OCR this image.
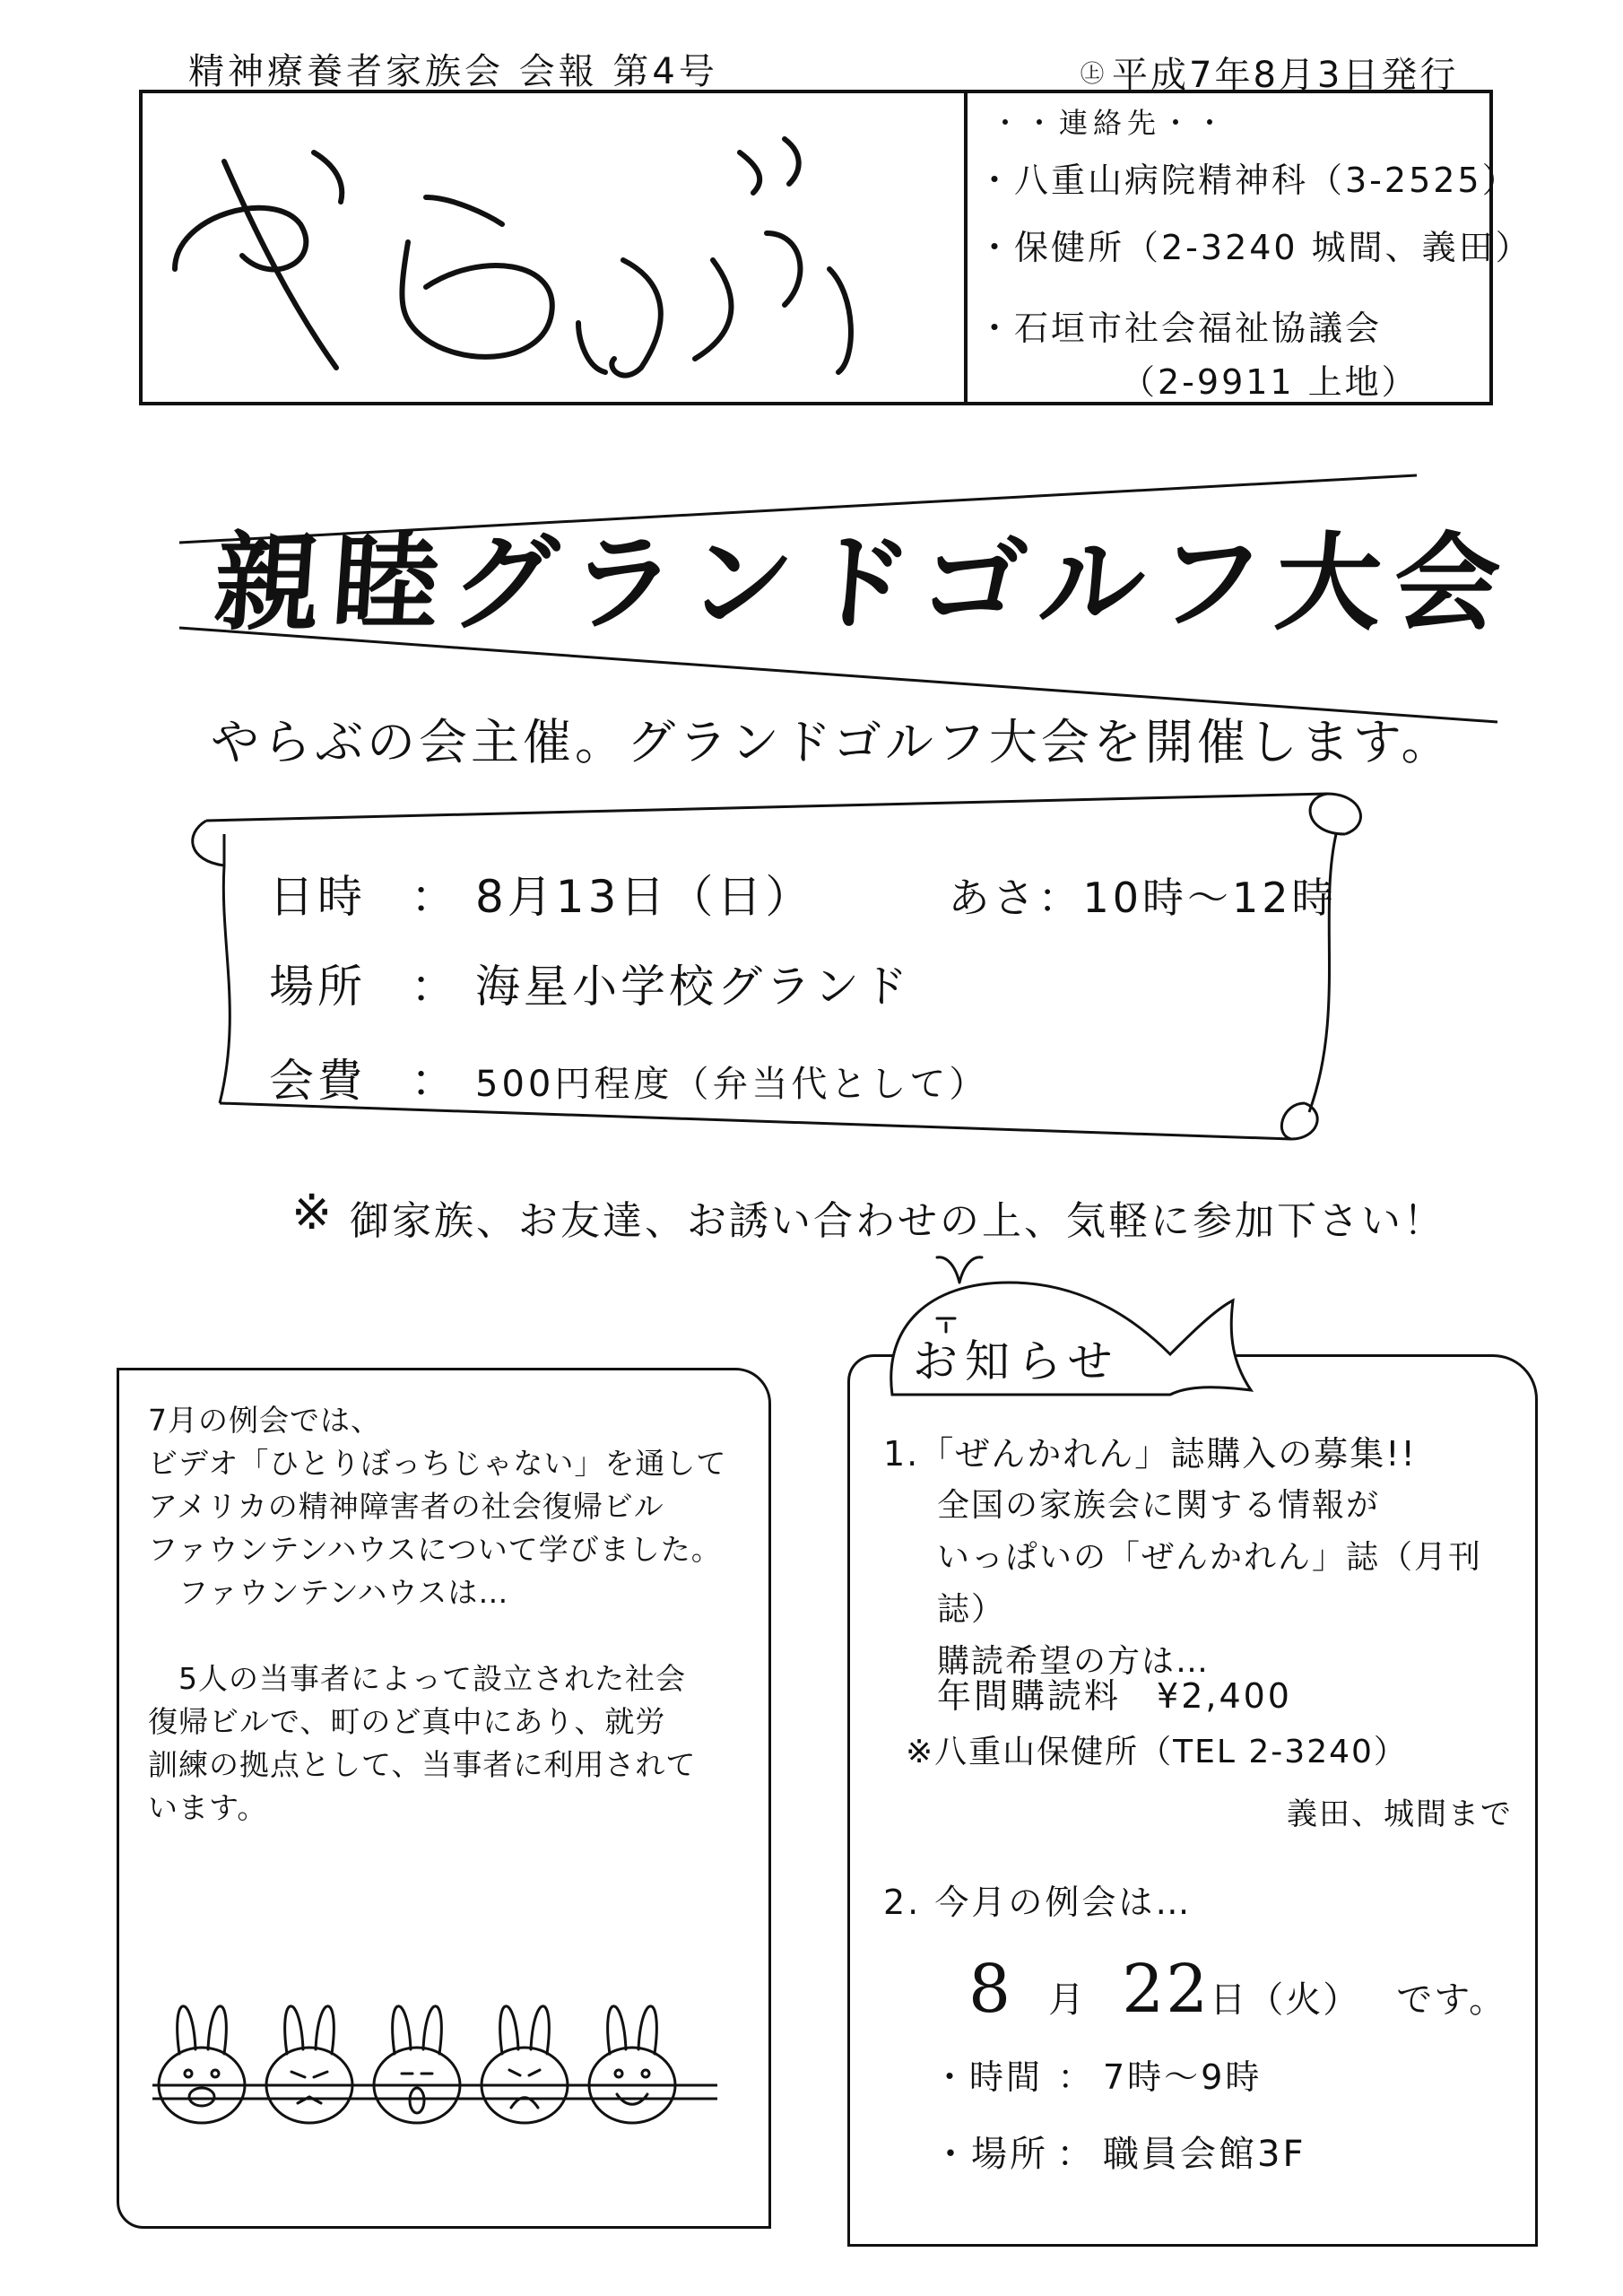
精神療養者家族会 会報 第4号	㊤ 平成7年8月3日発行
・・連絡先・・
・八重山病院精神科（3-2525）
・保健所（2-3240 城間、義田）
・石垣市社会福祉協議会
（2-9911 上地）
親睦グランドゴルフ大会
やらぶの会主催。グランドゴルフ大会を開催します。
日時 ： 8月13日（日）	あさ：10時～12時
場所 ： 海星小学校グランド
会費 ： 500円程度（弁当代として）
※ 御家族、お友達、お誘い合わせの上、気軽に参加下さい！
7月の例会では、
ビデオ「ひとりぼっちじゃない」を通して
アメリカの精神障害者の社会復帰ビル
ファウンテンハウスについて学びました。
　ファウンテンハウスは…

　5人の当事者によって設立された社会
復帰ビルで、町のど真中にあり、就労
訓練の拠点として、当事者に利用されて
います。
お知らせ
1.「ぜんかれん」誌購入の募集!!
全国の家族会に関する情報が
いっぱいの「ぜんかれん」誌（月刊誌）
購読希望の方は…
年間購読料 ¥2,400
※八重山保健所（TEL 2-3240）
義田、城間まで
2. 今月の例会は…
8 月 22日（火） です。
・時間 ： 7時～9時
・場所 ： 職員会館3F
